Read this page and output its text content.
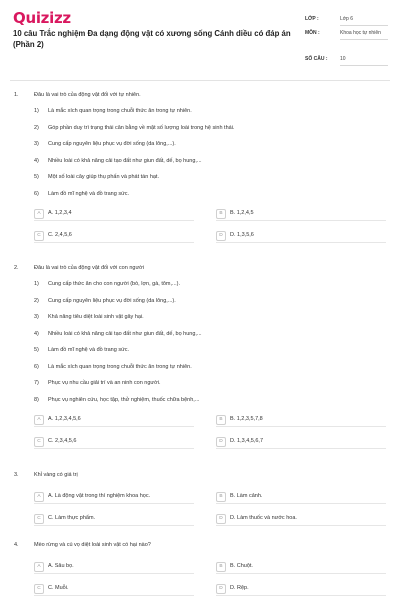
Quizizz
10 câu Trắc nghiệm Đa dạng động vật có xương sống Cánh diều có đáp án (Phần 2)
LỚP :	Lớp 6
MÔN :	Khoa học tự nhiên
SỐ CÂU :	10
1.	Đâu là vai trò của động vật đối với tự nhiên.
1) Là mắc xích quan trọng trong chuỗi thức ăn trong tự nhiên.
2) Góp phần duy trì trạng thái cân bằng về mặt số lượng loài trong hệ sinh thái.
3) Cung cấp nguyên liệu phục vụ đời sống (da lông,...).
4) Nhiều loài có khả năng cải tạo đất như giun đất, dế, bọ hung,...
5) Một số loài cây giúp thụ phấn và phát tán hạt.
6) Làm đồ mĩ nghệ và đồ trang sức.
A	A. 1,2,3,4	B	B. 1,2,4,5
C	C. 2,4,5,6	D	D. 1,3,5,6
2.	Đâu là vai trò của động vật đối với con người
1) Cung cấp thức ăn cho con người (bò, lợn, gà, tôm,...).
2) Cung cấp nguyên liệu phục vụ đời sống (da lông,...).
3) Khả năng tiêu diệt loài sinh vật gây hại.
4) Nhiều loài có khả năng cải tạo đất như giun đất, dế, bọ hung,...
5) Làm đồ mĩ nghệ và đồ trang sức.
6) Là mắc xích quan trọng trong chuỗi thức ăn trong tự nhiên.
7) Phục vụ nhu cầu giải trí và an ninh con người.
8) Phục vụ nghiên cứu, học tập, thử nghiệm, thuốc chữa bệnh,...
A	A. 1,2,3,4,5,6	B	B. 1,2,3,5,7,8
C	C. 2,3,4,5,6	D	D. 1,3,4,5,6,7
3.	Khỉ vàng có giá trị
A	A. Là động vật trong thí nghiệm khoa học.	B	B. Làm cảnh.
C	C. Làm thực phẩm.	D	D. Làm thuốc và nước hoa.
4.	Mèo rừng và cú vọ diệt loài sinh vật có hại nào?
A	A. Sâu bọ.	B	B. Chuột.
C	C. Muỗi.	D	D. Rệp.
